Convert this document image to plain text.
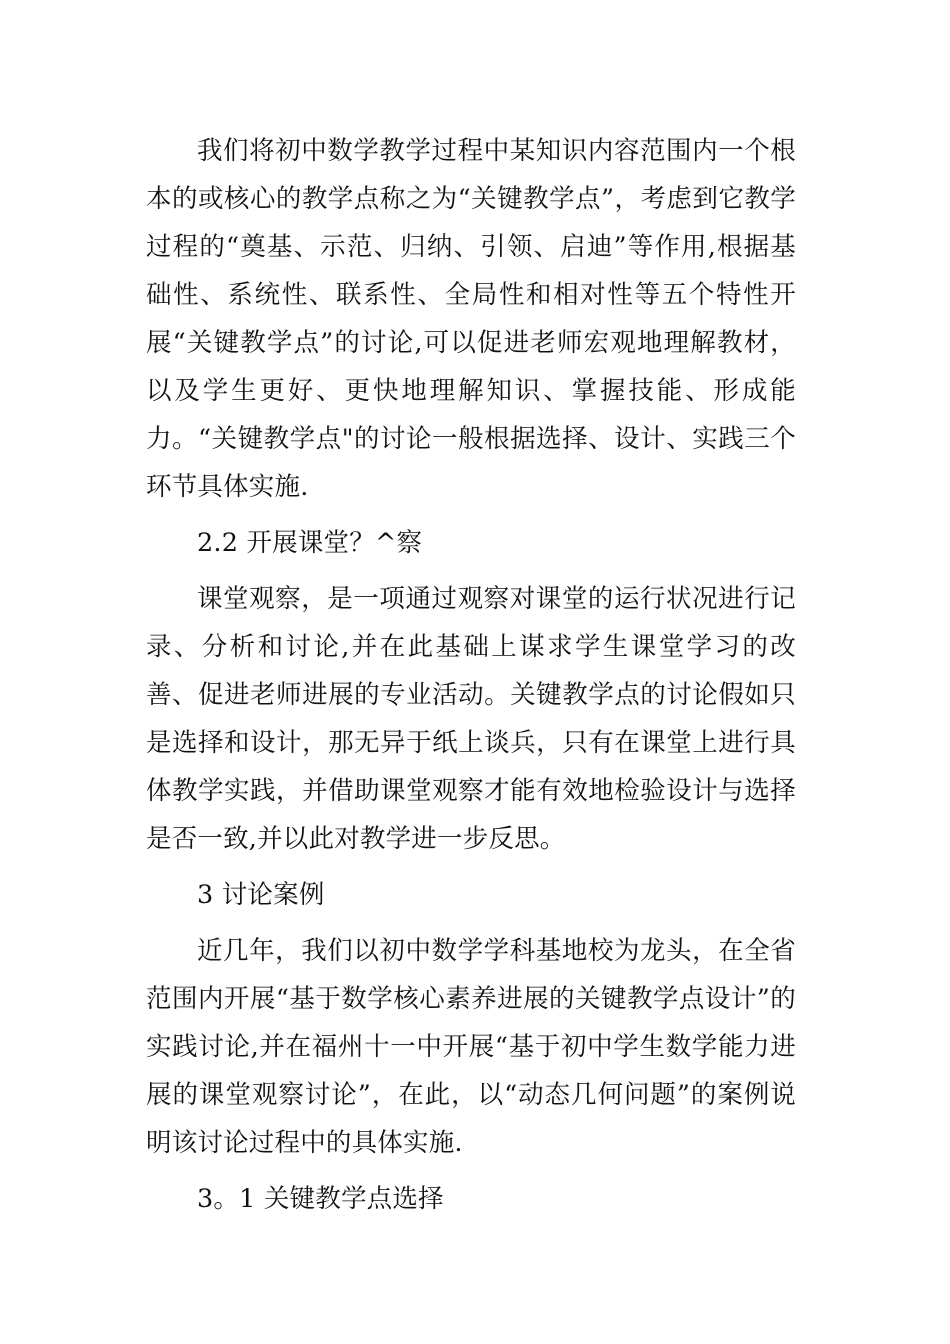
我们将初中数学教学过程中某知识内容范围内一个根本的或核心的教学点称之为“关键教学点”，考虑到它教学过程的“奠基、示范、归纳、引领、启迪”等作用,根据基础性、系统性、联系性、全局性和相对性等五个特性开展“关键教学点”的讨论,可以促进老师宏观地理解教材，以及学生更好、更快地理解知识、掌握技能、形成能力。“关键教学点"的讨论一般根据选择、设计、实践三个环节具体实施.

2.2 开展课堂？^察

课堂观察，是一项通过观察对课堂的运行状况进行记录、分析和讨论,并在此基础上谋求学生课堂学习的改善、促进老师进展的专业活动。关键教学点的讨论假如只是选择和设计，那无异于纸上谈兵，只有在课堂上进行具体教学实践，并借助课堂观察才能有效地检验设计与选择是否一致,并以此对教学进一步反思。

3 讨论案例

近几年，我们以初中数学学科基地校为龙头，在全省范围内开展“基于数学核心素养进展的关键教学点设计”的实践讨论,并在福州十一中开展“基于初中学生数学能力进展的课堂观察讨论”，在此，以“动态几何问题”的案例说明该讨论过程中的具体实施.

3。1 关键教学点选择
